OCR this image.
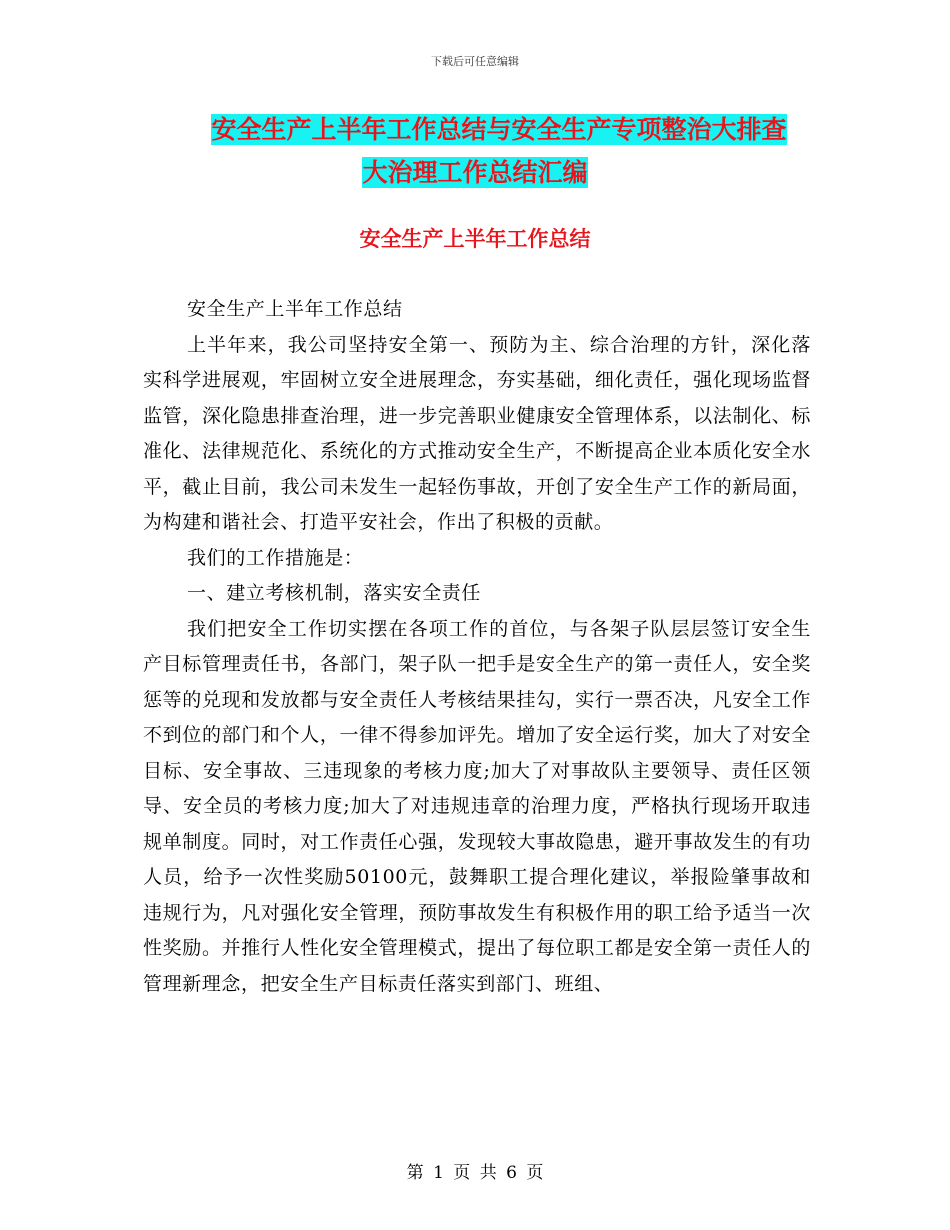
下载后可任意编辑
安全生产上半年工作总结与安全生产专项整治大排查
大治理工作总结汇编
安全生产上半年工作总结

安全生产上半年工作总结

上半年来，我公司坚持安全第一、预防为主、综合治理的方针，深化落实科学进展观，牢固树立安全进展理念，夯实基础，细化责任，强化现场监督监管，深化隐患排查治理，进一步完善职业健康安全管理体系，以法制化、标准化、法律规范化、系统化的方式推动安全生产，不断提高企业本质化安全水平，截止目前，我公司未发生一起轻伤事故，开创了安全生产工作的新局面，为构建和谐社会、打造平安社会，作出了积极的贡献。

我们的工作措施是：

一、建立考核机制，落实安全责任

我们把安全工作切实摆在各项工作的首位，与各架子队层层签订安全生产目标管理责任书，各部门，架子队一把手是安全生产的第一责任人，安全奖惩等的兑现和发放都与安全责任人考核结果挂勾，实行一票否决，凡安全工作不到位的部门和个人，一律不得参加评先。增加了安全运行奖，加大了对安全目标、安全事故、三违现象的考核力度;加大了对事故队主要领导、责任区领导、安全员的考核力度;加大了对违规违章的治理力度，严格执行现场开取违规单制度。同时，对工作责任心强，发现较大事故隐患，避开事故发生的有功人员，给予一次性奖励50100元，鼓舞职工提合理化建议，举报险肇事故和违规行为，凡对强化安全管理，预防事故发生有积极作用的职工给予适当一次性奖励。并推行人性化安全管理模式，提出了每位职工都是安全第一责任人的管理新理念，把安全生产目标责任落实到部门、班组、

第 1 页 共 6 页
